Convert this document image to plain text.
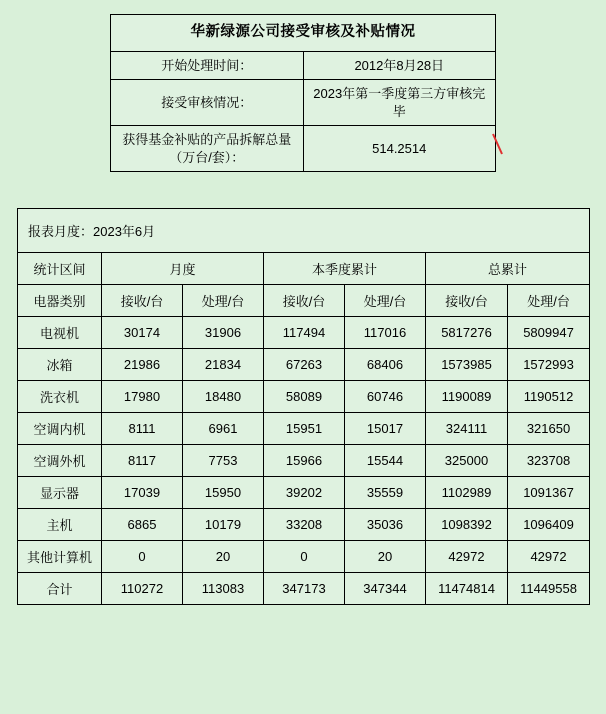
华新绿源公司接受审核及补贴情况	
开始处理时间：	2012年8月28日
接受审核情况：	2023年第一季度第三方审核完毕
获得基金补贴的产品拆解总量（万台/套）：	514.2514
报表月度：2023年6月						
统计区间	月度		本季度累计		总累计	
电器类别	接收/台	处理/台	接收/台	处理/台	接收/台	处理/台
电视机	30174	31906	117494	117016	5817276	5809947
冰箱	21986	21834	67263	68406	1573985	1572993
洗衣机	17980	18480	58089	60746	1190089	1190512
空调内机	8111	6961	15951	15017	324111	321650
空调外机	8117	7753	15966	15544	325000	323708
显示器	17039	15950	39202	35559	1102989	1091367
主机	6865	10179	33208	35036	1098392	1096409
其他计算机	0	20	0	20	42972	42972
合计	110272	113083	347173	347344	11474814	11449558
